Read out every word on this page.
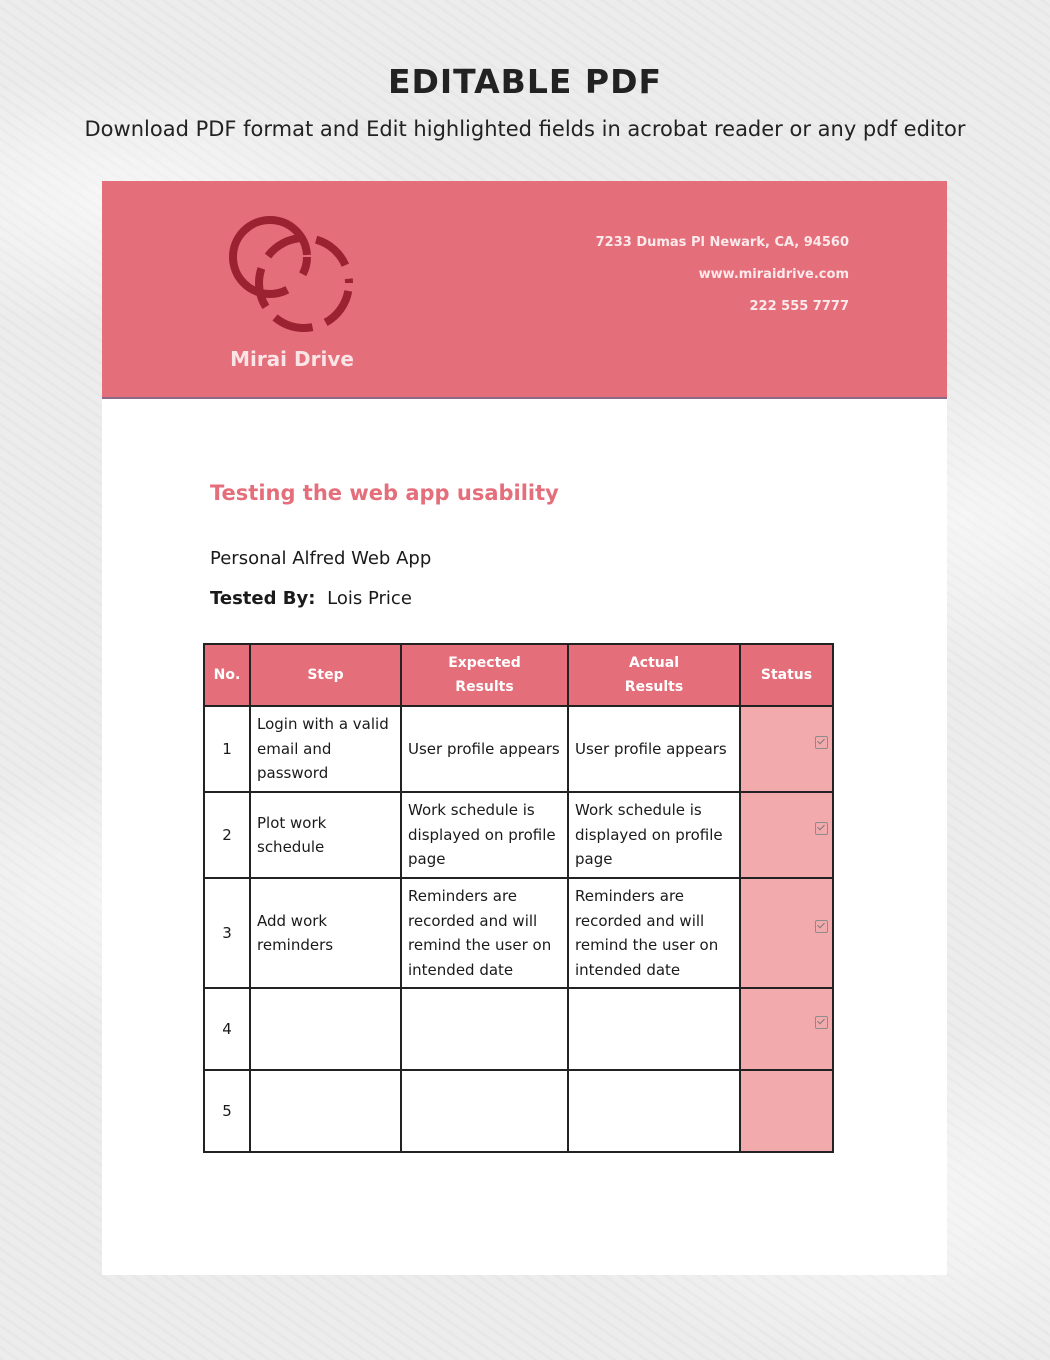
EDITABLE PDF
Download PDF format and Edit highlighted fields in acrobat reader or any pdf editor
Mirai Drive
7233 Dumas Pl Newark, CA, 94560
www.miraidrive.com
222 555 7777
Testing the web app usability
Personal Alfred Web App
Tested By: Lois Price
No.	Step	Expected Results	Actual Results	Status
1	Login with a valid email and password	User profile appears	User profile appears	
2	Plot work schedule	Work schedule is displayed on profile page	Work schedule is displayed on profile page	
3	Add work reminders	Reminders are recorded and will remind the user on intended date	Reminders are recorded and will remind the user on intended date	
4				
5				
